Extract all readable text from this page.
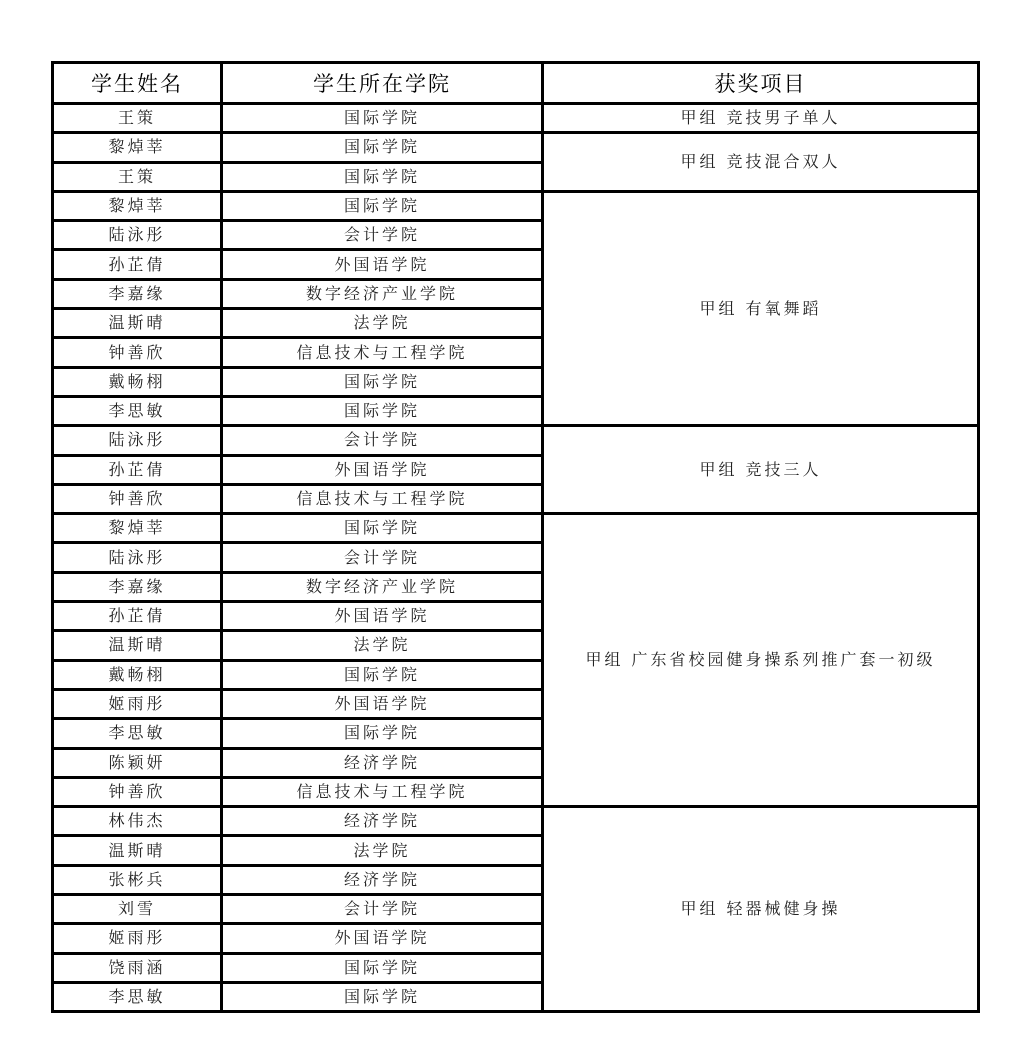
学生姓名	学生所在学院	获奖项目
王策	国际学院	甲组 竞技男子单人
黎焯莘	国际学院	甲组 竞技混合双人
王策	国际学院	
黎焯莘	国际学院	甲组 有氧舞蹈
陆泳彤	会计学院	
孙芷倩	外国语学院	
李嘉缘	数字经济产业学院	
温斯晴	法学院	
钟善欣	信息技术与工程学院	
戴畅栩	国际学院	
李思敏	国际学院	
陆泳彤	会计学院	甲组 竞技三人
孙芷倩	外国语学院	
钟善欣	信息技术与工程学院	
黎焯莘	国际学院	甲组 广东省校园健身操系列推广套一初级
陆泳彤	会计学院	
李嘉缘	数字经济产业学院	
孙芷倩	外国语学院	
温斯晴	法学院	
戴畅栩	国际学院	
姬雨彤	外国语学院	
李思敏	国际学院	
陈颖妍	经济学院	
钟善欣	信息技术与工程学院	
林伟杰	经济学院	甲组 轻器械健身操
温斯晴	法学院	
张彬兵	经济学院	
刘雪	会计学院	
姬雨彤	外国语学院	
饶雨涵	国际学院	
李思敏	国际学院	
